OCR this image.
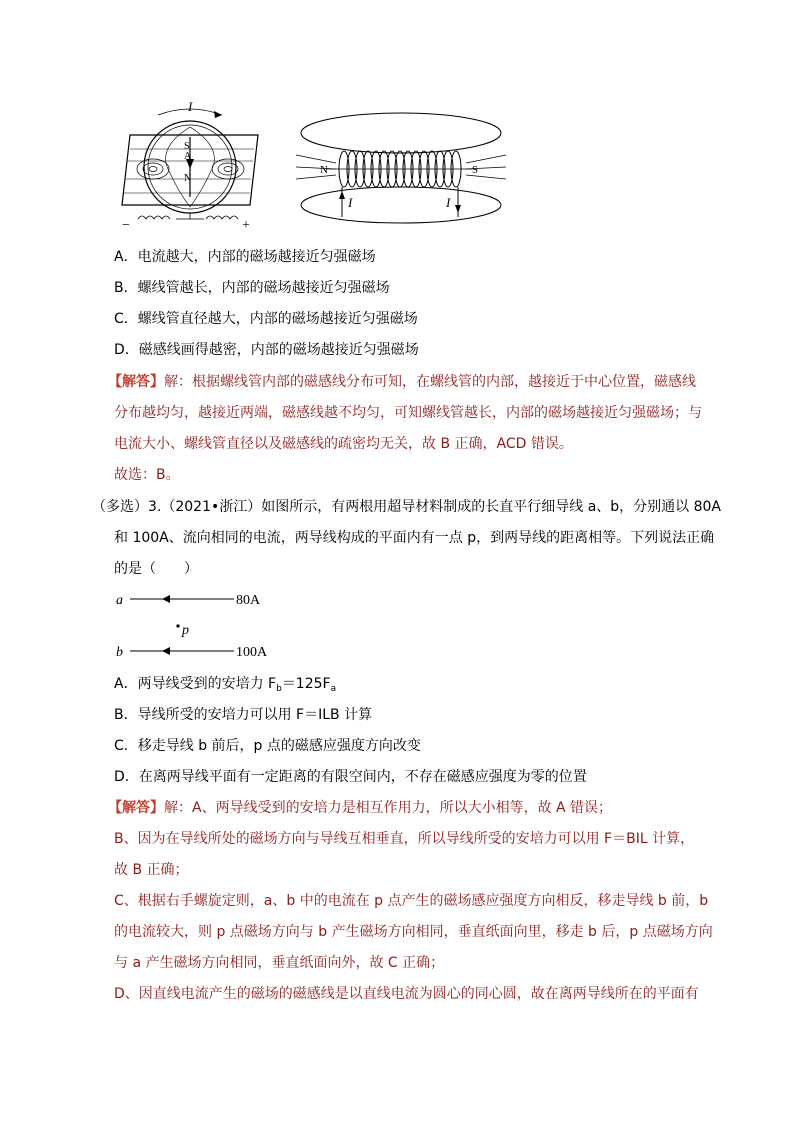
I
S
A
N
−	+
N	S
I	I
A．电流越大，内部的磁场越接近匀强磁场
B．螺线管越长，内部的磁场越接近匀强磁场
C．螺线管直径越大，内部的磁场越接近匀强磁场
D．磁感线画得越密，内部的磁场越接近匀强磁场
【解答】解：根据螺线管内部的磁感线分布可知，在螺线管的内部，越接近于中心位置，磁感线
分布越均匀，越接近两端，磁感线越不均匀，可知螺线管越长，内部的磁场越接近匀强磁场；与
电流大小、螺线管直径以及磁感线的疏密均无关，故 B 正确，ACD 错误。
故选：B。
（多选）3.（2021•浙江）如图所示，有两根用超导材料制成的长直平行细导线 a、b，分别通以 80A
和 100A、流向相同的电流，两导线构成的平面内有一点 p，到两导线的距离相等。下列说法正确
的是（　　）
a	80A
p
b	100A
A．两导线受到的安培力 $F_b=125F_a$
B．导线所受的安培力可以用 F＝ILB 计算
C．移走导线 b 前后，p 点的磁感应强度方向改变
D．在离两导线平面有一定距离的有限空间内，不存在磁感应强度为零的位置
【解答】解：A、两导线受到的安培力是相互作用力，所以大小相等，故 A 错误；
B、因为在导线所处的磁场方向与导线互相垂直，所以导线所受的安培力可以用 F＝BIL 计算，
故 B 正确；
C、根据右手螺旋定则，a、b 中的电流在 p 点产生的磁场感应强度方向相反，移走导线 b 前，b
的电流较大，则 p 点磁场方向与 b 产生磁场方向相同，垂直纸面向里，移走 b 后，p 点磁场方向
与 a 产生磁场方向相同，垂直纸面向外，故 C 正确；
D、因直线电流产生的磁场的磁感线是以直线电流为圆心的同心圆，故在离两导线所在的平面有
